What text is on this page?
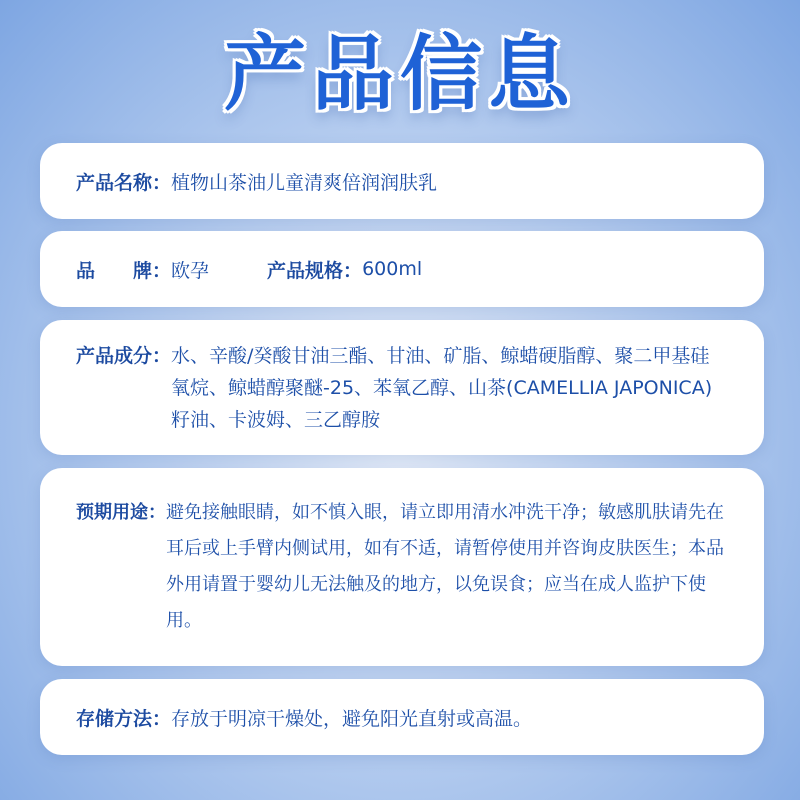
产品信息
产品名称： 植物山茶油儿童清爽倍润润肤乳
品 牌： 欧孕	产品规格： 600ml
产品成分： 水、辛酸/癸酸甘油三酯、甘油、矿脂、鲸蜡硬脂醇、聚二甲基硅氧烷、鲸蜡醇聚醚-25、苯氧乙醇、山茶(CAMELLIA JAPONICA)籽油、卡波姆、三乙醇胺
预期用途： 避免接触眼睛，如不慎入眼，请立即用清水冲洗干净；敏感肌肤请先在耳后或上手臂内侧试用，如有不适，请暂停使用并咨询皮肤医生；本品外用请置于婴幼儿无法触及的地方，以免误食；应当在成人监护下使用。
存储方法： 存放于明凉干燥处，避免阳光直射或高温。
